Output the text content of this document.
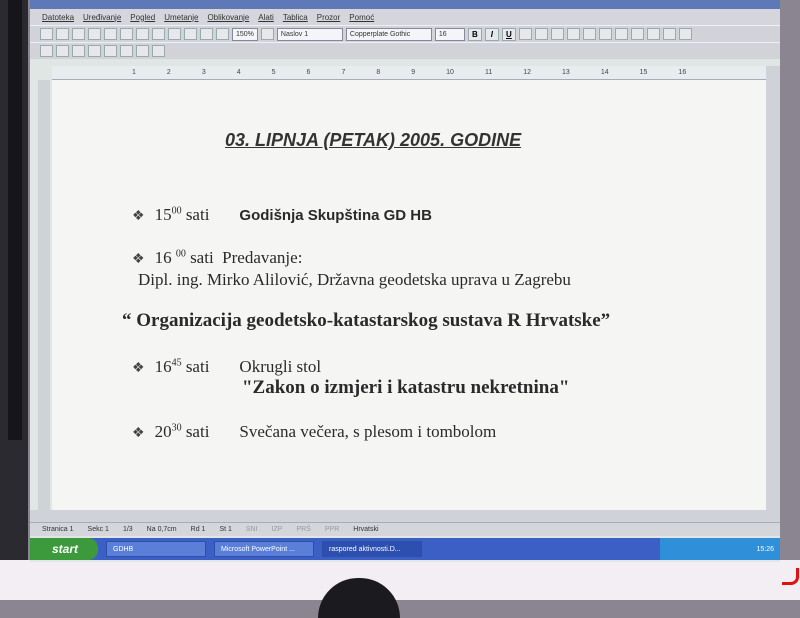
Datoteka Uređivanje Pogled Umetanje Oblikovanje Alati Tablica Prozor Pomoć
150%	Naslov 1	Copperplate Gothic	16	B	I	U
1	2	3	4	5	6	7	8	9	10	11	12	13	14	15	16
03. LIPNJA (PETAK) 2005. GODINE
❖ $15^{00}$ sati Godišnja Skupština GD HB
❖ 16 $^{00}$ sati Predavanje:
Dipl. ing. Mirko Alilović, Državna geodetska uprava u Zagrebu
“ Organizacija geodetsko-katastarskog sustava R Hrvatske”
❖ $16^{45}$ sati Okrugli stol
"Zakon o izmjeri i katastru nekretnina"
❖ $20^{30}$ sati Svečana večera, s plesom i tombolom
Stranica 1 Sekc 1 1/3 Na 0,7cm Rd 1 St 1 SNI IZP PRŠ PPR Hrvatski
start	GDHB	Microsoft PowerPoint ...	raspored aktivnosti.D...	15:26
